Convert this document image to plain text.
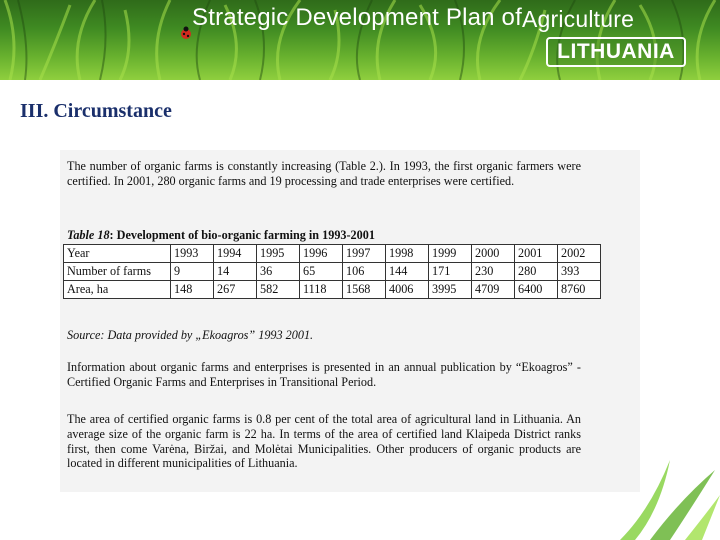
Strategic Development Plan ofAgriculture
LITHUANIA
III. Circumstance

The number of organic farms is constantly increasing (Table 2.). In 1993, the first organic farmers were certified. In 2001, 280 organic farms and 19 processing and trade enterprises were certified.

Table 18: Development of bio-organic farming in 1993-2001
Year	1993	1994	1995	1996	1997	1998	1999	2000	2001	2002
Number of farms	9	14	36	65	106	144	171	230	280	393
Area, ha	148	267	582	1118	1568	4006	3995	4709	6400	8760
Source: Data provided by „Ekoagros” 1993 2001.

Information about organic farms and enterprises is presented in an annual publication by “Ekoagros” - Certified Organic Farms and Enterprises in Transitional Period.

The area of certified organic farms is 0.8 per cent of the total area of agricultural land in Lithuania. An average size of the organic farm is 22 ha. In terms of the area of certified land Klaipeda District ranks first, then come Varėna, Biržai, and Molėtai Municipalities. Other producers of organic products are located in different municipalities of Lithuania.
